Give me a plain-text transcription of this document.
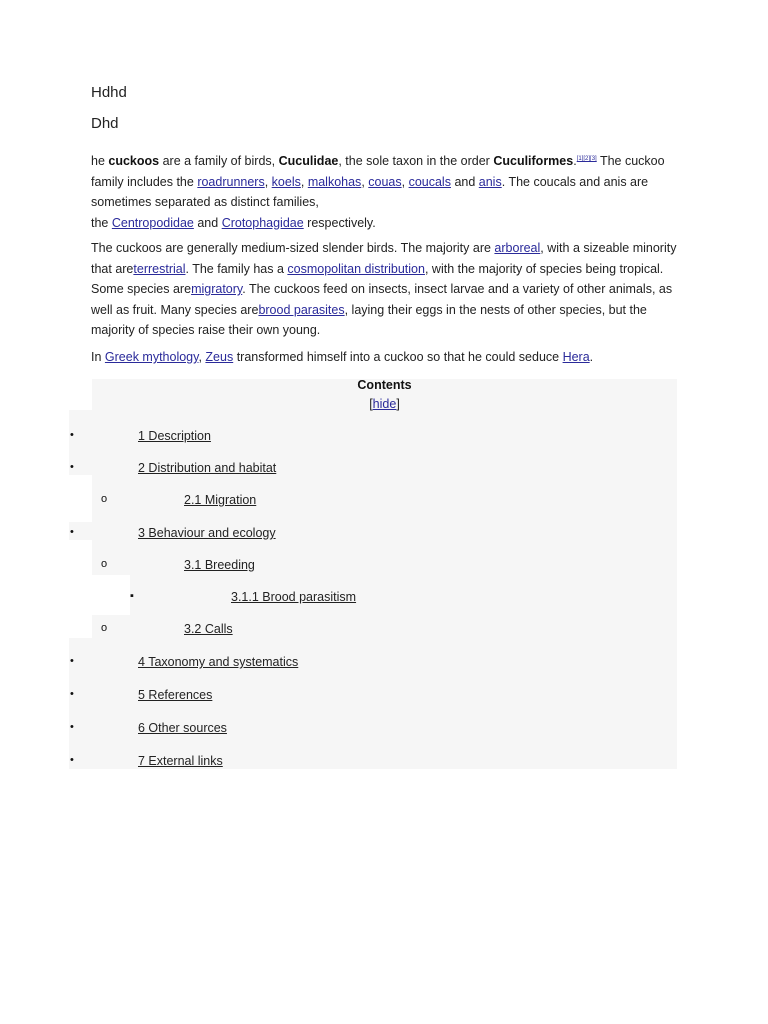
Hdhd
Dhd
he cuckoos are a family of birds, Cuculidae, the sole taxon in the order Cuculiformes.[1][2][3] The cuckoo family includes the roadrunners, koels, malkohas, couas, coucals and anis. The coucals and anis are sometimes separated as distinct families,
the Centropodidae and Crotophagidae respectively.
The cuckoos are generally medium-sized slender birds. The majority are arboreal, with a sizeable minority that areterrestrial. The family has a cosmopolitan distribution, with the majority of species being tropical. Some species aremigratory. The cuckoos feed on insects, insect larvae and a variety of other animals, as well as fruit. Many species arebrood parasites, laying their eggs in the nests of other species, but the majority of species raise their own young.
In Greek mythology, Zeus transformed himself into a cuckoo so that he could seduce Hera.
Contents
[hide]
•	1 Description
•	2 Distribution and habitat
o	2.1 Migration
•	3 Behaviour and ecology
o	3.1 Breeding
▪	3.1.1 Brood parasitism
o	3.2 Calls
•	4 Taxonomy and systematics
•	5 References
•	6 Other sources
•	7 External links
